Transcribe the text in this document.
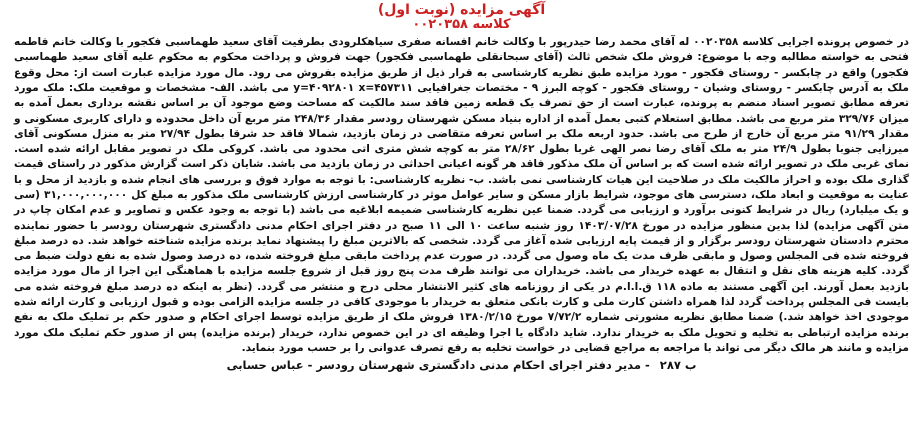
آگهی مزایده (نوبت اول)

کلاسه ۰۰۲۰۳۵۸

در خصوص پرونده اجرایی کلاسه ۰۰۲۰۳۵۸ له آقای محمد رضا حیدرپور با وکالت خانم افسانه صفری سیاهکلرودی بطرفیت آقای سعید طهماسبی فکجور با وکالت خانم فاطمه فتحی به خواسته مطالبه وجه با موضوع: فروش ملک شخص ثالث (آقای سبحانقلی طهماسبی فکجور) جهت فروش و پرداخت محکوم به محکوم علیه آقای سعید طهماسبی فکجور) واقع در چابکسر - روستای فکجور - مورد مزایده طبق نظریه کارشناسی به قرار ذیل از طریق مزایده بفروش می رود. مال مورد مزایده عبارت است از: محل وقوع ملک به آدرس چابکسر - روستای وشیان - روستای فکجور - کوچه البرز ۹ - مختصات جغرافیایی y=۴۰۹۲۸۰۱ x=۴۵۷۳۱۱ می باشد. الف- مشخصات و موقعیت ملک: ملک مورد تعرفه مطابق تصویر اسناد منضم به پرونده، عبارت است از حق تصرف یک قطعه زمین فاقد سند مالکیت که مساحت وضع موجود آن بر اساس نقشه برداری بعمل آمده به میزان ۳۲۹/۷۶ متر مربع می باشد. مطابق استعلام کتبی بعمل آمده از اداره بنیاد مسکن شهرستان رودسر مقدار ۲۴۸/۳۶ متر مربع آن داخل محدوده و دارای کاربری مسکونی و مقدار ۹۱/۲۹ متر مربع آن خارج از طرح می باشد. حدود اربعه ملک بر اساس تعرفه متقاضی در زمان بازدید، شمالا فاقد حد شرقا بطول ۲۷/۹۴ متر به منزل مسکونی آقای میرزایی جنوبا بطول ۲۴/۹ متر به ملک آقای رضا نصر الهی غربا بطول ۲۸/۶۲ متر به کوچه شش متری اتی محدود می باشد. کروکی ملک در تصویر مقابل ارائه شده است. نمای غربی ملک در تصویر ارائه شده است که بر اساس آن ملک مذکور فاقد هر گونه اعیانی احداثی در زمان بازدید می باشد. شایان ذکر است گزارش مذکور در راستای قیمت گذاری ملک بوده و احراز مالکیت ملک در صلاحیت این هیات کارشناسی نمی باشد. ب- نظریه کارشناسی: با توجه به موارد فوق و بررسی های انجام شده و بازدید از محل و با عنایت به موقعیت و ابعاد ملک، دسترسی های موجود، شرایط بازار مسکن و سایر عوامل موثر در کارشناسی ارزش کارشناسی ملک مذکور به مبلغ کل ۳۱,۰۰۰,۰۰۰,۰۰۰ (سی و یک میلیارد) ریال در شرایط کنونی برآورد و ارزیابی می گردد. ضمنا عین نظریه کارشناسی ضمیمه ابلاغیه می باشد (با توجه به وجود عکس و تصاویر و عدم امکان چاپ در متن آگهی مزایده) لذا بدین منظور مزایده در مورخ ۱۴۰۳/۰۷/۲۸ روز شنبه ساعت ۱۰ الی ۱۱ صبح در دفتر اجرای احکام مدنی دادگستری شهرستان رودسر با حضور نماینده محترم دادستان شهرستان رودسر برگزار و از قیمت پایه ارزیابی شده آغاز می گردد. شخصی که بالاترین مبلغ را پیشنهاد نماید برنده مزایده شناخته خواهد شد. ده درصد مبلغ فروخته شده فی المجلس وصول و مابقی ظرف مدت یک ماه وصول می گردد. در صورت عدم پرداخت مابقی مبلغ فروخته شده، ده درصد وصول شده به نفع دولت ضبط می گردد. کلیه هزینه های نقل و انتقال به عهده خریدار می باشد. خریداران می توانند ظرف مدت پنج روز قبل از شروع جلسه مزایده با هماهنگی این اجرا از مال مورد مزایده بازدید بعمل آورند. این آگهی مستند به ماده ۱۱۸ ق.ا.ا.م در یکی از روزنامه های کثیر الانتشار محلی درج و منتشر می گردد. (نظر به اینکه ده درصد مبلغ فروخته شده می بایست فی المجلس پرداخت گردد لذا همراه داشتن کارت ملی و کارت بانکی متعلق به خریدار با موجودی کافی در جلسه مزایده الزامی بوده و قبول ارزیابی و کارت ارائه شده موجودی اخذ خواهد شد.) ضمنا مطابق نظریه مشورتی شماره ۷/۷۲/۲ مورخ ۱۳۸۰/۲/۱۵ فروش ملک از طریق مزایده توسط اجرای احکام و صدور حکم بر تملیک ملک به نفع برنده مزایده ارتباطی به تخلیه و تحویل ملک به خریدار ندارد. شاید دادگاه یا اجرا وظیفه ای در این خصوص ندارد، خریدار (برنده مزایده) پس از صدور حکم تملیک ملک مورد مزایده و مانند هر مالک دیگر می تواند با مراجعه به مراجع قضایی در خواست تخلیه به رفع تصرف عدوانی را بر حسب مورد بنماید.

ب ۲۸۷ - مدیر دفتر اجرای احکام مدنی دادگستری شهرستان رودسر - عباس حسابی
